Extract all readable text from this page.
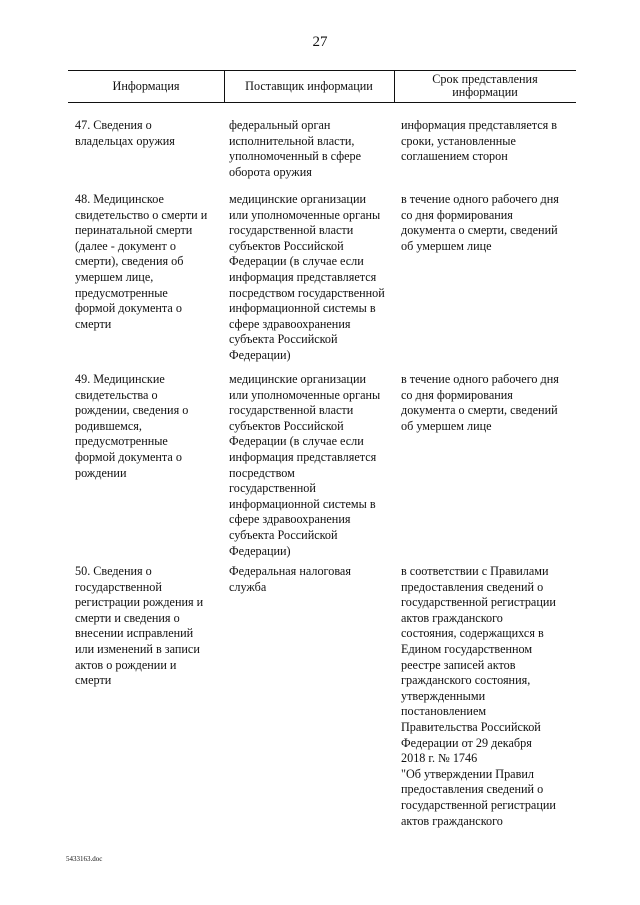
27
Информация	Поставщик информации	Срок представления
информации
47. Сведения о
владельцах оружия
федеральный орган
исполнительной власти,
уполномоченный в сфере
оборота оружия
информация представляется в
сроки, установленные
соглашением сторон
48. Медицинское
свидетельство о смерти и
перинатальной смерти
(далее - документ о
смерти), сведения об
умершем лице,
предусмотренные
формой документа о
смерти
медицинские организации
или уполномоченные органы
государственной власти
субъектов Российской
Федерации (в случае если
информация представляется
посредством государственной
информационной системы в
сфере здравоохранения
субъекта Российской
Федерации)
в течение одного рабочего дня
со дня формирования
документа о смерти, сведений
об умершем лице
49. Медицинские
свидетельства о
рождении, сведения о
родившемся,
предусмотренные
формой документа о
рождении
медицинские организации
или уполномоченные органы
государственной власти
субъектов Российской
Федерации (в случае если
информация представляется
посредством
государственной
информационной системы в
сфере здравоохранения
субъекта Российской
Федерации)
в течение одного рабочего дня
со дня формирования
документа о смерти, сведений
об умершем лице
50. Сведения о
государственной
регистрации рождения и
смерти и сведения о
внесении исправлений
или изменений в записи
актов о рождении и
смерти
Федеральная налоговая
служба
в соответствии с Правилами
предоставления сведений о
государственной регистрации
актов гражданского
состояния, содержащихся в
Едином государственном
реестре записей актов
гражданского состояния,
утвержденными
постановлением
Правительства Российской
Федерации от 29 декабря
2018 г. № 1746
"Об утверждении Правил
предоставления сведений о
государственной регистрации
актов гражданского
5433163.doc
